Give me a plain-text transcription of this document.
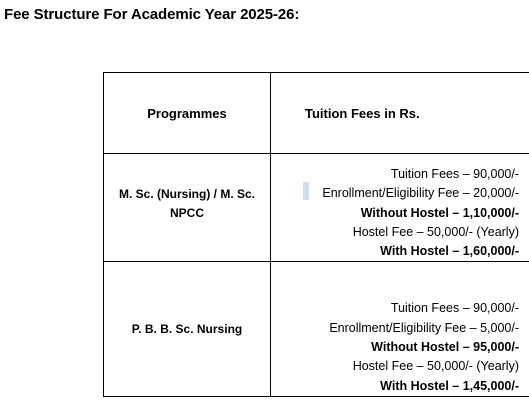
Fee Structure For Academic Year 2025-26:
Programmes	Tuition Fees in Rs.

M. Sc. (Nursing) / M. Sc. NPCC	Tuition Fees – 90,000/-
Enrollment/Eligibility Fee – 20,000/-
Without Hostel – 1,10,000/-
Hostel Fee – 50,000/- (Yearly)
With Hostel – 1,60,000/-

P. B. B. Sc. Nursing	Tuition Fees – 90,000/-
Enrollment/Eligibility Fee – 5,000/-
Without Hostel – 95,000/-
Hostel Fee – 50,000/- (Yearly)
With Hostel – 1,45,000/-
